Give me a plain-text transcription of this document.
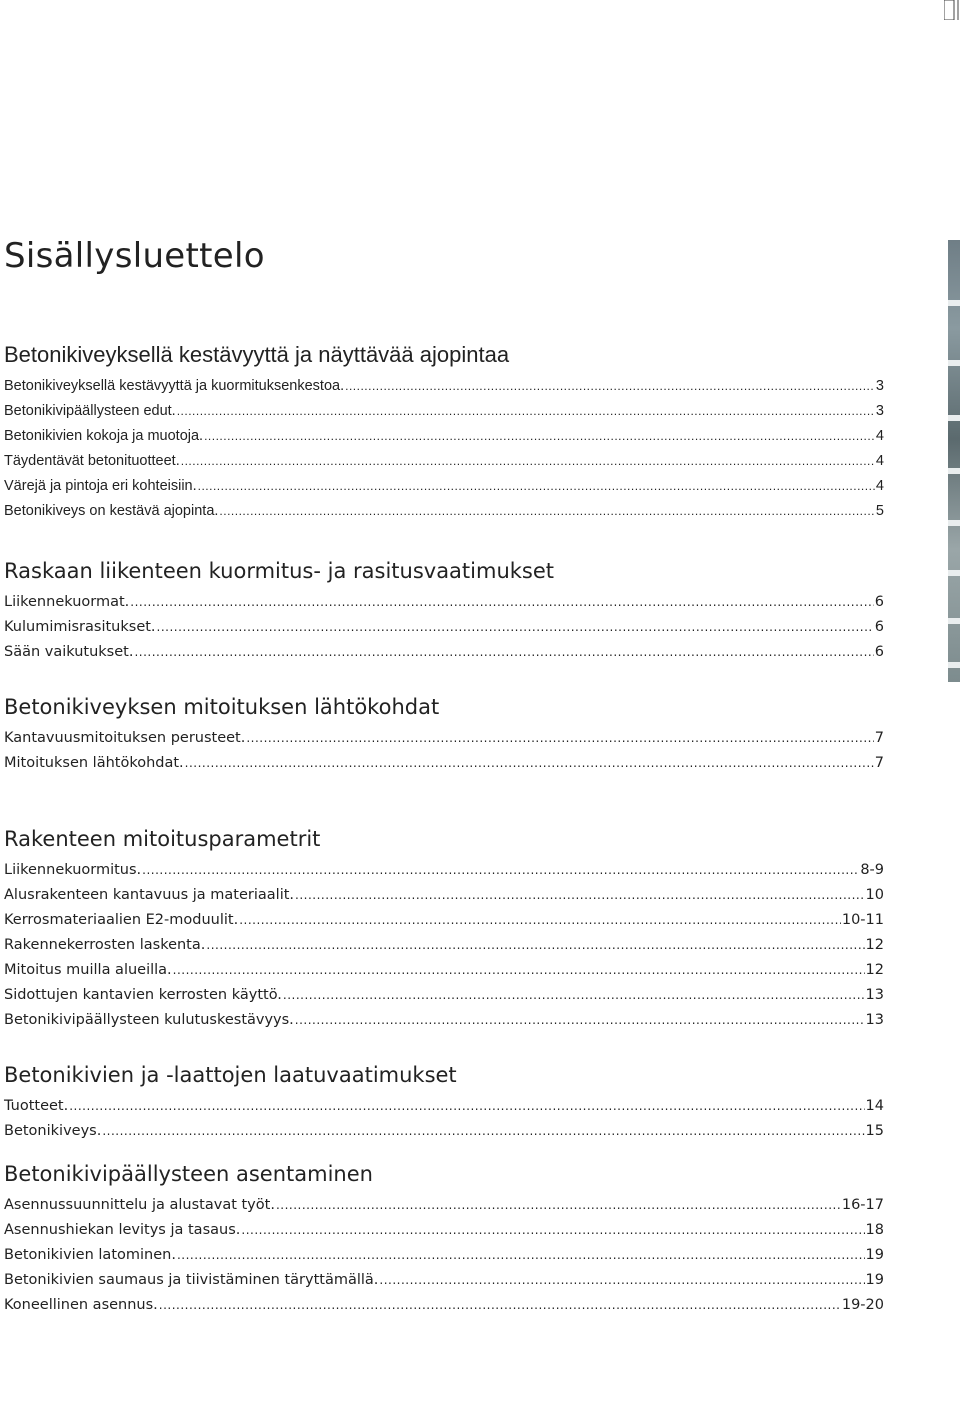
Sisällysluettelo
Betonikiveyksellä kestävyyttä ja näyttävää ajopintaa
Betonikiveyksellä kestävyyttä ja kuormituksenkestoa. .....	3
Betonikivipäällysteen edut. .....	3
Betonikivien kokoja ja muotoja. .....	4
Täydentävät betonituotteet. .....	4
Värejä ja pintoja eri kohteisiin. .....	4
Betonikiveys on kestävä ajopinta. .....	5
Raskaan liikenteen kuormitus- ja rasitusvaatimukset
Liikennekuormat. .....	6
Kulumimisrasitukset. .....	6
Sään vaikutukset. .....	6
Betonikiveyksen mitoituksen lähtökohdat
Kantavuusmitoituksen perusteet. .....	7
Mitoituksen lähtökohdat. .....	7
Rakenteen mitoitusparametrit
Liikennekuormitus. .....	8-9
Alusrakenteen kantavuus ja materiaalit. .....	10
Kerrosmateriaalien E2-moduulit. .....	10-11
Rakennekerrosten laskenta. .....	12
Mitoitus muilla alueilla. .....	12
Sidottujen kantavien kerrosten käyttö. .....	13
Betonikivipäällysteen kulutuskestävyys. .....	13
Betonikivien ja -laattojen laatuvaatimukset
Tuotteet. .....	14
Betonikiveys. .....	15
Betonikivipäällysteen asentaminen
Asennussuunnittelu ja alustavat työt. .....	16-17
Asennushiekan levitys ja tasaus. .....	18
Betonikivien latominen. .....	19
Betonikivien saumaus ja tiivistäminen täryttämällä. .....	19
Koneellinen asennus. .....	19-20
